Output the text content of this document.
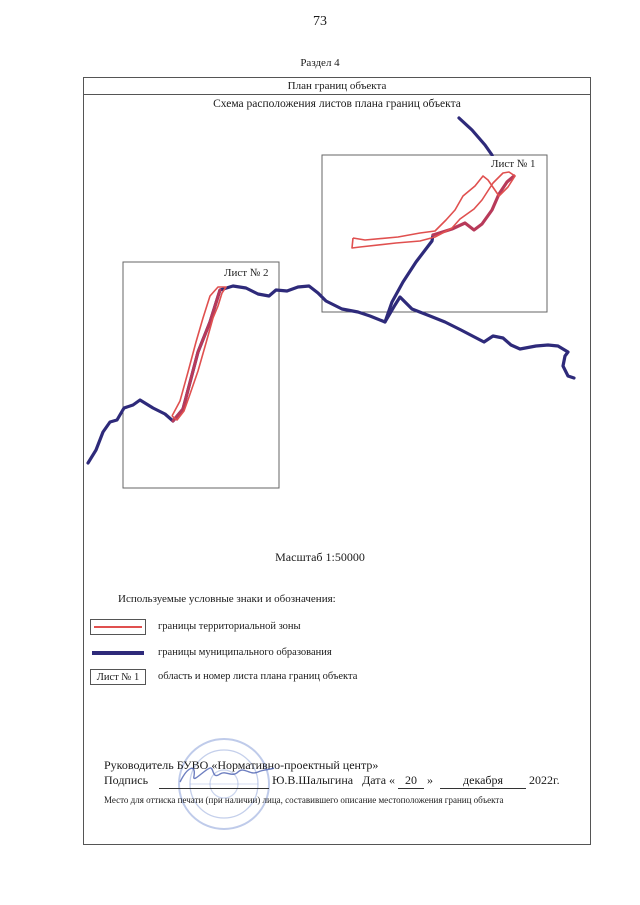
73
Раздел 4
План границ объекта
Схема расположения листов плана границ объекта
Лист № 1
Лист № 2
Масштаб 1:50000
Используемые условные знаки и обозначения:
границы территориальной зоны
границы муниципального образования
Лист № 1	область и номер листа плана границ объекта
Руководитель БУВО «Нормативно-проектный центр»
Подпись	Ю.В.Шалыгина Дата « 20 » декабря 2022г.
Место для оттиска печати (при наличии) лица, составившего описание местоположения границ объекта
